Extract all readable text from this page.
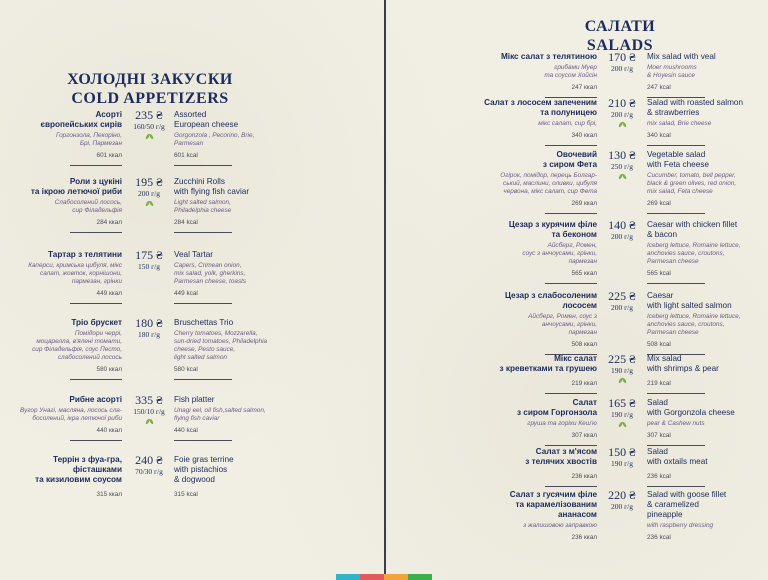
ХОЛОДНІ ЗАКУСКИ
COLD APPETIZERS
САЛАТИ
SALADS
Асорті
європейських сирів
Горгонзола, Пекоріно,
Брі, Пармезан
601 ккал
235 ₴
160/50 г/g
Assorted
European cheese
Gorgonzola , Pecorino, Brie,
Parmesan
601 kcal
Роли з цукіні
та ікрою летючої риби
Слабосолений лосось,
сир Філадельфія
284 ккал
195 ₴
200 г/g
Zucchini Rolls
with flying fish caviar
Light salted salmon,
Philadelphia cheese
284 kcal
Тартар з телятини
Каперси, кримська цибуля, мікс
салат, жовток, корнішони,
пармезан, грінки
449 ккал
175 ₴
150 г/g
Veal Tartar
Capers, Crimean onion,
mix salad, yolk, gherkins,
Parmesan cheese, toasts
449 kcal
Тріо брускет
Помідори черрі,
моцарелла, в'ялені томати,
сир Філадельфія, соус Песто,
слабосолений лосось
580 ккал
180 ₴
180 г/g
Bruschettas Trio
Cherry tomatoes, Mozzarella,
sun-dried tomatoes, Philadelphia
cheese, Pesto sauce,
light salted salmon
580 kcal
Рибне асорті
Вугор Унагі, масляна, лосось сла-
босолений, ікра летючої риби
440 ккал
335 ₴
150/10 г/g
Fish platter
Unagi eel, oil fish,salted salmon,
flying fish caviar
440 kcal
Террін з фуа-гра,
фісташками
та кизиловим соусом
315 ккал
240 ₴
70/30 г/g
Foie gras terrine
with pistachios
& dogwood
315 kcal
Мікс салат з телятиною
грибами Муер
та соусом Хойсін
247 ккал
170 ₴
200 г/g
Mix salad with veal
Moer mushrooms
& Hoyesin sauce
247 kcal
Салат з лососем запеченим
та полуницею
мікс салат, сир брі,
340 ккал
210 ₴
200 г/g
Salad with roasted salmon
& strawberries
mix salad, Brie cheese
340 kcal
Овочевий
з сиром Фета
Огірок, помідор, перець Болгар-
ський, маслини, оливки, цибуля
червона, мікс салат, сир Фета
269 ккал
130 ₴
250 г/g
Vegetable salad
with Feta cheese
Cucumber, tomato, bell pepper,
black & green olives, red onion,
mix salad, Feta cheese
269 kcal
Цезар з курячим філе
та беконом
Айсберг, Ромен,
соус з анчоусами, грінки,
пармезан
565 ккал
140 ₴
200 г/g
Caesar with chicken fillet
& bacon
Iceberg lettuce, Romaine lettuce,
anchovies sauce, croutons,
Parmesan cheese
565 kcal
Цезар з слабосоленим
лососем
Айсберг, Ромен, соус з
анчоусами, грінки,
пармезан
508 ккал
225 ₴
200 г/g
Caesar
with light salted salmon
Iceberg lettuce, Romaine lettuce,
anchovies sauce, croutons,
Parmesan cheese
508 kcal
Мікс салат
з креветками та грушею
219 ккал
225 ₴
190 г/g
Mix salad
with shrimps & pear
219 kcal
Салат
з сиром Горгонзола
груша та горіхи Кеш'ю
307 ккал
165 ₴
190 г/g
Salad
with Gorgonzola cheese
pear & Cashew nuts
307 kcal
Салат з м'ясом
з телячих хвостів
236 ккал
150 ₴
190 г/g
Salad
with oxtails meat
236 kcal
Салат з гусячим філе
та карамелізованим
ананасом
з жалишовою заправкою
236 ккал
220 ₴
200 г/g
Salad with goose fillet
& caramelized
pineapple
with raspberry dressing
236 kcal
